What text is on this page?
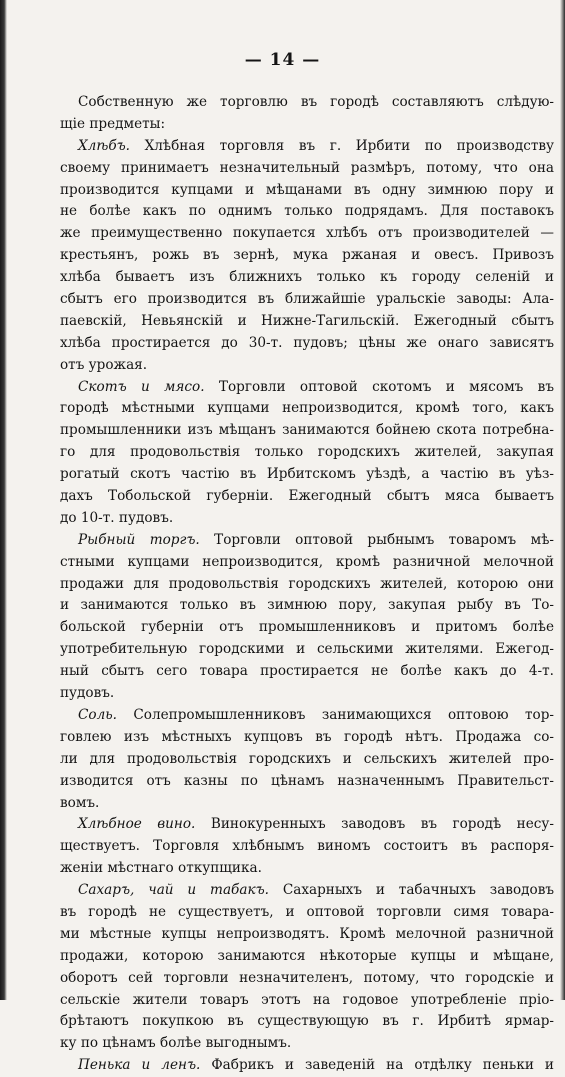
— 14 —
Собственную же торговлю въ городѣ составляютъ слѣдую-
щіе предметы:
Хлѣбъ. Хлѣбная торговля въ г. Ирбити по производству
своему принимаетъ незначительный размѣръ, потому, что она
производится купцами и мѣщанами въ одну зимнюю пору и
не болѣе какъ по однимъ только подрядамъ. Для поставокъ
же преимущественно покупается хлѣбъ отъ производителей —
крестьянъ, рожь въ зернѣ, мука ржаная и овесъ. Привозъ
хлѣба бываетъ изъ ближнихъ только къ городу селеній и
сбытъ его производится въ ближайшіе уральскіе заводы: Ала-
паевскій, Невьянскій и Нижне-Тагильскій. Ежегодный сбытъ
хлѣба простирается до 30-т. пудовъ; цѣны же онаго зависятъ
отъ урожая.
Скотъ и мясо. Торговли оптовой скотомъ и мясомъ въ
городѣ мѣстными купцами непроизводится, кромѣ того, какъ
промышленники изъ мѣщанъ занимаются бойнею скота потребна-
го для продовольствія только городскихъ жителей, закупая
рогатый скотъ частію въ Ирбитскомъ уѣздѣ, а частію въ уѣз-
дахъ Тобольской губерніи. Ежегодный сбытъ мяса бываетъ
до 10-т. пудовъ.
Рыбный торгъ. Торговли оптовой рыбнымъ товаромъ мѣ-
стными купцами непроизводится, кромѣ разничной мелочной
продажи для продовольствія городскихъ жителей, которою они
и занимаются только въ зимнюю пору, закупая рыбу въ То-
больской губерніи отъ промышленниковъ и притомъ болѣе
употребительную городскими и сельскими жителями. Ежегод-
ный сбытъ сего товара простирается не болѣе какъ до 4-т.
пудовъ.
Соль. Солепромышленниковъ занимающихся оптовою тор-
говлею изъ мѣстныхъ купцовъ въ городѣ нѣтъ. Продажа со-
ли для продовольствія городскихъ и сельскихъ жителей про-
изводится отъ казны по цѣнамъ назначеннымъ Правительст-
вомъ.
Хлѣбное вино. Винокуренныхъ заводовъ въ городѣ несу-
ществуетъ. Торговля хлѣбнымъ виномъ состоитъ въ распоря-
женіи мѣстнаго откупщика.
Сахаръ, чай и табакъ. Сахарныхъ и табачныхъ заводовъ
въ городѣ не существуетъ, и оптовой торговли симя товара-
ми мѣстные купцы непроизводятъ. Кромѣ мелочной разничной
продажи, которою занимаются нѣкоторые купцы и мѣщане,
оборотъ сей торговли незначителенъ, потому, что городскіе и
сельскіе жители товаръ этотъ на годовое употребленіе пріо-
брѣтаютъ покупкою въ существующую въ г. Ирбитѣ ярмар-
ку по цѣнамъ болѣе выгоднымъ.
Пенька и ленъ. Фабрикъ и заведеній на отдѣлку пеньки и
